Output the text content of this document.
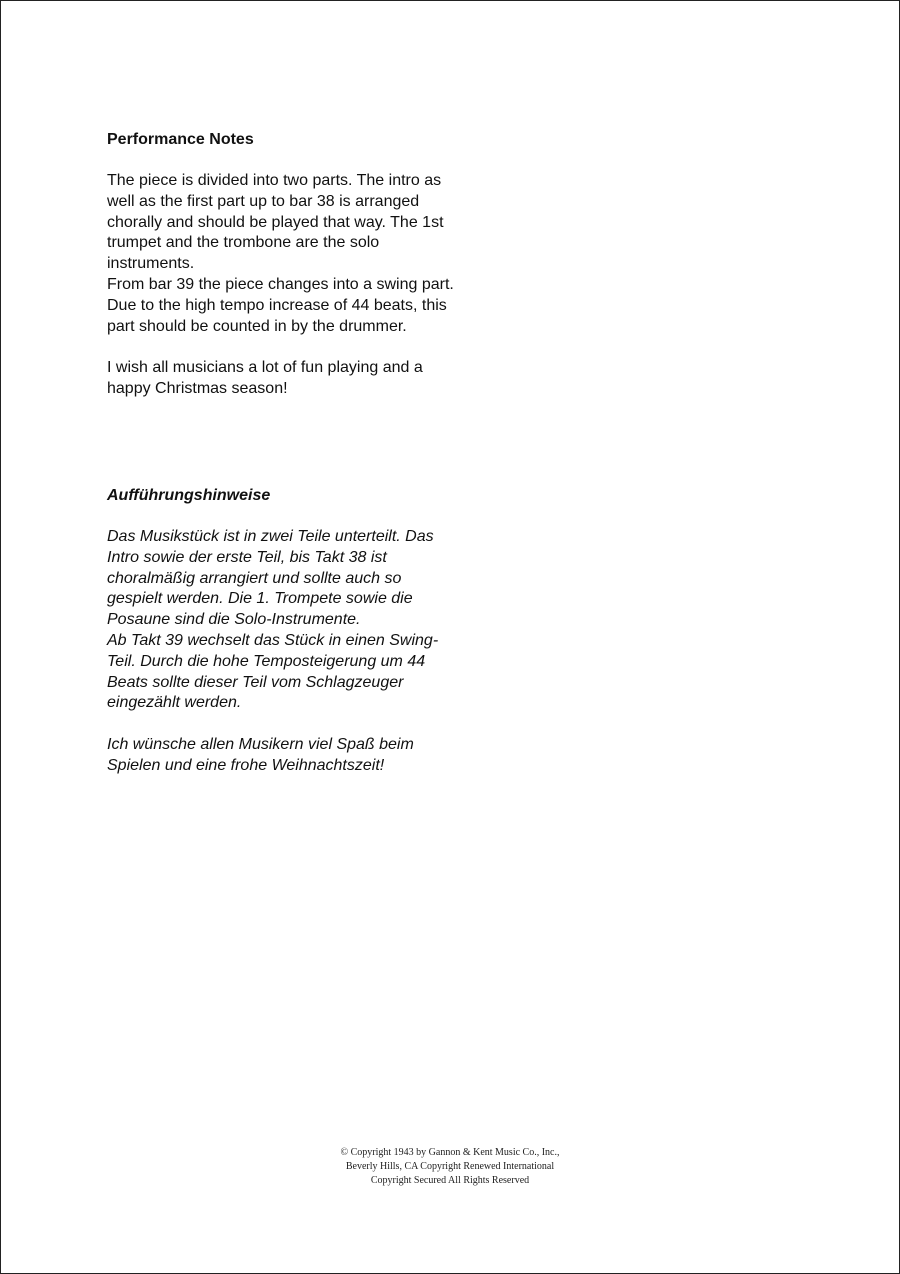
Performance Notes

The piece is divided into two parts. The intro as
well as the first part up to bar 38 is arranged
chorally and should be played that way. The 1st
trumpet and the trombone are the solo
instruments.
From bar 39 the piece changes into a swing part.
Due to the high tempo increase of 44 beats, this
part should be counted in by the drummer.

I wish all musicians a lot of fun playing and a
happy Christmas season!

Aufführungshinweise

Das Musikstück ist in zwei Teile unterteilt. Das
Intro sowie der erste Teil, bis Takt 38 ist
choralmäßig arrangiert und sollte auch so
gespielt werden. Die 1. Trompete sowie die
Posaune sind die Solo-Instrumente.
Ab Takt 39 wechselt das Stück in einen Swing-
Teil. Durch die hohe Temposteigerung um 44
Beats sollte dieser Teil vom Schlagzeuger
eingezählt werden.

Ich wünsche allen Musikern viel Spaß beim
Spielen und eine frohe Weihnachtszeit!

© Copyright 1943 by Gannon & Kent Music Co., Inc.,
Beverly Hills, CA Copyright Renewed International
Copyright Secured All Rights Reserved
